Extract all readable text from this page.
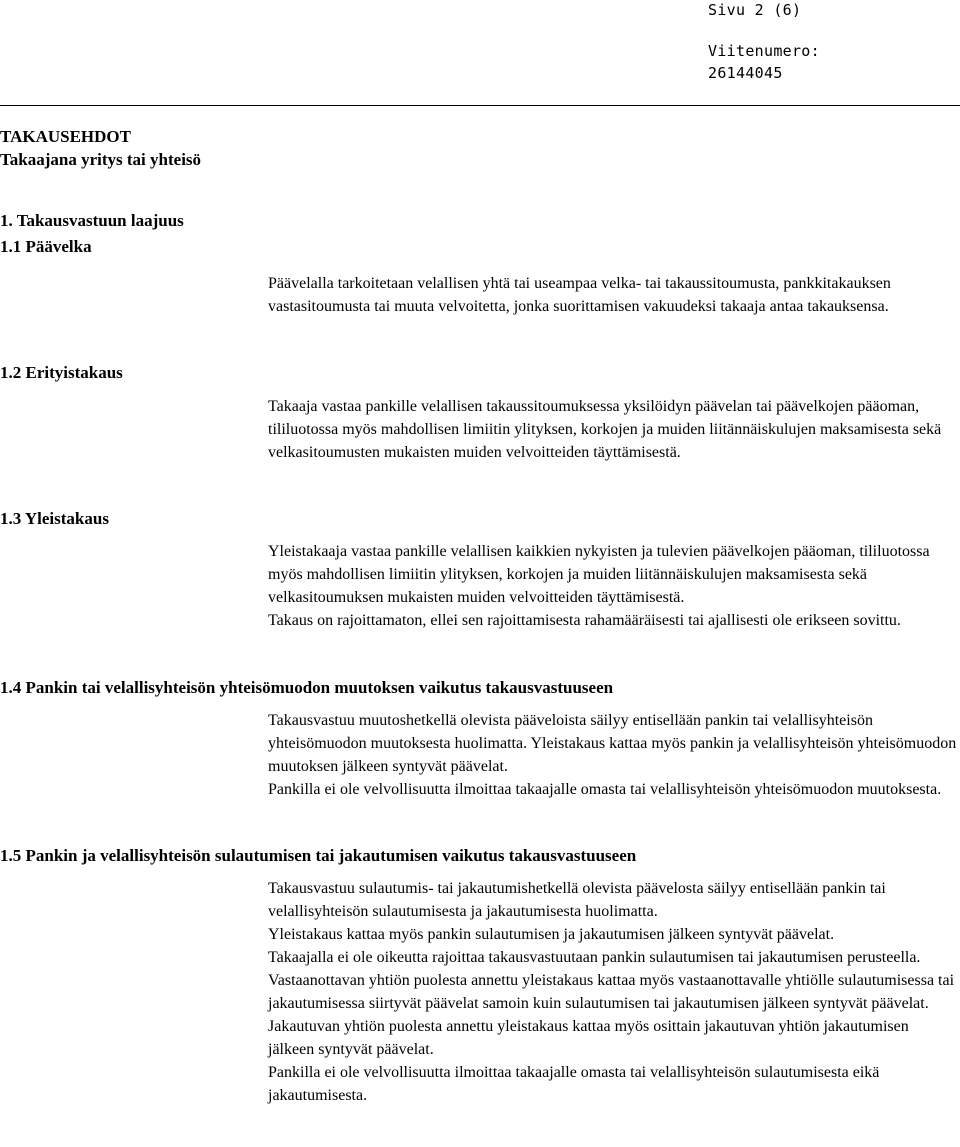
Sivu 2 (6)
Viitenumero:
26144045
TAKAUSEHDOT
Takaajana yritys tai yhteisö
1. Takausvastuun laajuus
1.1 Päävelka

Päävelalla tarkoitetaan velallisen yhtä tai useampaa velka- tai takaussitoumusta, pankkitakauksen vastasitoumusta tai muuta velvoitetta, jonka suorittamisen vakuudeksi takaaja antaa takauksensa.

1.2 Erityistakaus

Takaaja vastaa pankille velallisen takaussitoumuksessa yksilöidyn päävelan tai päävelkojen pääoman, tililuotossa myös mahdollisen limiitin ylityksen, korkojen ja muiden liitännäiskulujen maksamisesta sekä velkasitoumusten mukaisten muiden velvoitteiden täyttämisestä.

1.3 Yleistakaus

Yleistakaaja vastaa pankille velallisen kaikkien nykyisten ja tulevien päävelkojen pääoman, tililuotossa myös mahdollisen limiitin ylityksen, korkojen ja muiden liitännäiskulujen maksamisesta sekä velkasitoumuksen mukaisten muiden velvoitteiden täyttämisestä.

Takaus on rajoittamaton, ellei sen rajoittamisesta rahamääräisesti tai ajallisesti ole erikseen sovittu.

1.4 Pankin tai velallisyhteisön yhteisömuodon muutoksen vaikutus takausvastuuseen

Takausvastuu muutoshetkellä olevista pääveloista säilyy entisellään pankin tai velallisyhteisön yhteisömuodon muutoksesta huolimatta. Yleistakaus kattaa myös pankin ja velallisyhteisön yhteisömuodon muutoksen jälkeen syntyvät päävelat.

Pankilla ei ole velvollisuutta ilmoittaa takaajalle omasta tai velallisyhteisön yhteisömuodon muutoksesta.

1.5 Pankin ja velallisyhteisön sulautumisen tai jakautumisen vaikutus takausvastuuseen

Takausvastuu sulautumis- tai jakautumishetkellä olevista päävelosta säilyy entisellään pankin tai velallisyhteisön sulautumisesta ja jakautumisesta huolimatta.

Yleistakaus kattaa myös pankin sulautumisen ja jakautumisen jälkeen syntyvät päävelat.

Takaajalla ei ole oikeutta rajoittaa takausvastuutaan pankin sulautumisen tai jakautumisen perusteella.

Vastaanottavan yhtiön puolesta annettu yleistakaus kattaa myös vastaanottavalle yhtiölle sulautumisessa tai jakautumisessa siirtyvät päävelat samoin kuin sulautumisen tai jakautumisen jälkeen syntyvät päävelat.

Jakautuvan yhtiön puolesta annettu yleistakaus kattaa myös osittain jakautuvan yhtiön jakautumisen jälkeen syntyvät päävelat.

Pankilla ei ole velvollisuutta ilmoittaa takaajalle omasta tai velallisyhteisön sulautumisesta eikä jakautumisesta.
